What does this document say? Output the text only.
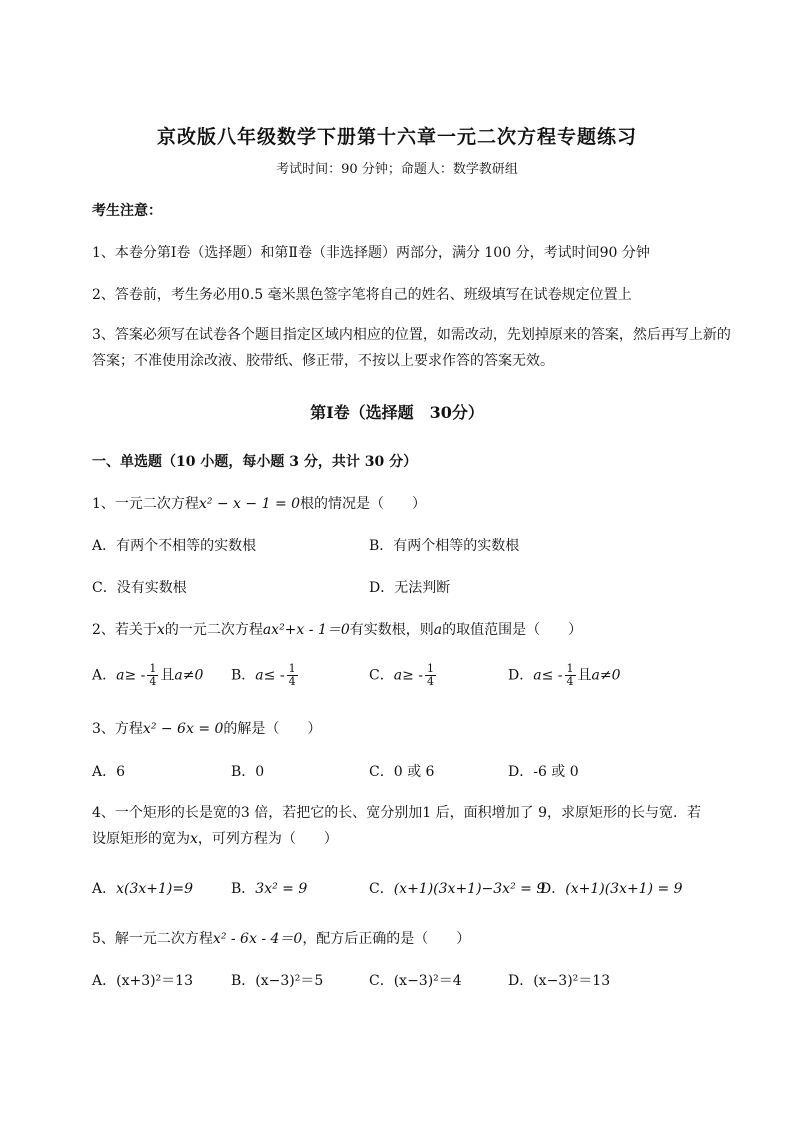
京改版八年级数学下册第十六章一元二次方程专题练习
考试时间：90 分钟；命题人：数学教研组
考生注意：
1、本卷分第Ⅰ卷（选择题）和第Ⅱ卷（非选择题）两部分，满分 100 分，考试时间90 分钟
2、答卷前，考生务必用0.5 毫米黑色签字笔将自己的姓名、班级填写在试卷规定位置上
3、答案必须写在试卷各个题目指定区域内相应的位置，如需改动，先划掉原来的答案，然后再写上新的答案；不准使用涂改液、胶带纸、修正带，不按以上要求作答的答案无效。
第Ⅰ卷（选择题　30分）
一、单选题（10 小题，每小题 3 分，共计 30 分）
1、一元二次方程x² − x − 1 = 0根的情况是（　　）
A．有两个不相等的实数根	B．有两个相等的实数根
C．没有实数根	D．无法判断
2、若关于x的一元二次方程ax²+x - 1＝0有实数根，则a的取值范围是（　　）
A．$a\ge - \frac{1}{4}$ 且a≠0 B．$a\le - \frac{1}{4}$	C．$a\ge - \frac{1}{4}$	D．$a\le - \frac{1}{4}$ 且a≠0
3、方程x² − 6x = 0的解是（　　）
A．6	B．0	C．0 或 6	D．-6 或 0
4、一个矩形的长是宽的3 倍，若把它的长、宽分别加1 后，面积增加了 9，求原矩形的长与宽．若
设原矩形的宽为x，可列方程为（　　）
A．x(3x+1)=9	B．3x² = 9	C．(x+1)(3x+1)−3x² = 9
D．(x+1)(3x+1) = 9
5、解一元二次方程x² - 6x - 4＝0，配方后正确的是（　　）
A．(x+3)²＝13	B．(x−3)²＝5	C．(x−3)²＝4	D．(x−3)²＝13
